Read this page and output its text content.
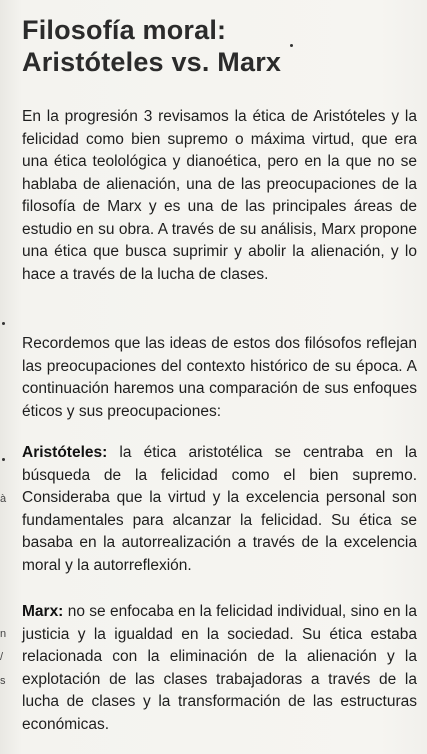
Filosofía moral:
Aristóteles vs. Marx

En la progresión 3 revisamos la ética de Aristóteles y la felicidad como bien supremo o máxima virtud, que era una ética teolológica y dianoética, pero en la que no se hablaba de alienación, una de las preocupaciones de la filosofía de Marx y es una de las principales áreas de estudio en su obra. A través de su análisis, Marx propone una ética que busca suprimir y abolir la alienación, y lo hace a través de la lucha de clases.

Recordemos que las ideas de estos dos filósofos reflejan las preocupaciones del contexto histórico de su época. A continuación haremos una comparación de sus enfoques éticos y sus preocupaciones:

Aristóteles: la ética aristotélica se centraba en la búsqueda de la felicidad como el bien supremo. Consideraba que la virtud y la excelencia personal son fundamentales para alcanzar la felicidad. Su ética se basaba en la autorrealización a través de la excelencia moral y la autorreflexión.

Marx: no se enfocaba en la felicidad individual, sino en la justicia y la igualdad en la sociedad. Su ética estaba relacionada con la eliminación de la alienación y la explotación de las clases trabajadoras a través de la lucha de clases y la transformación de las estructuras económicas.

à
n
/
s
